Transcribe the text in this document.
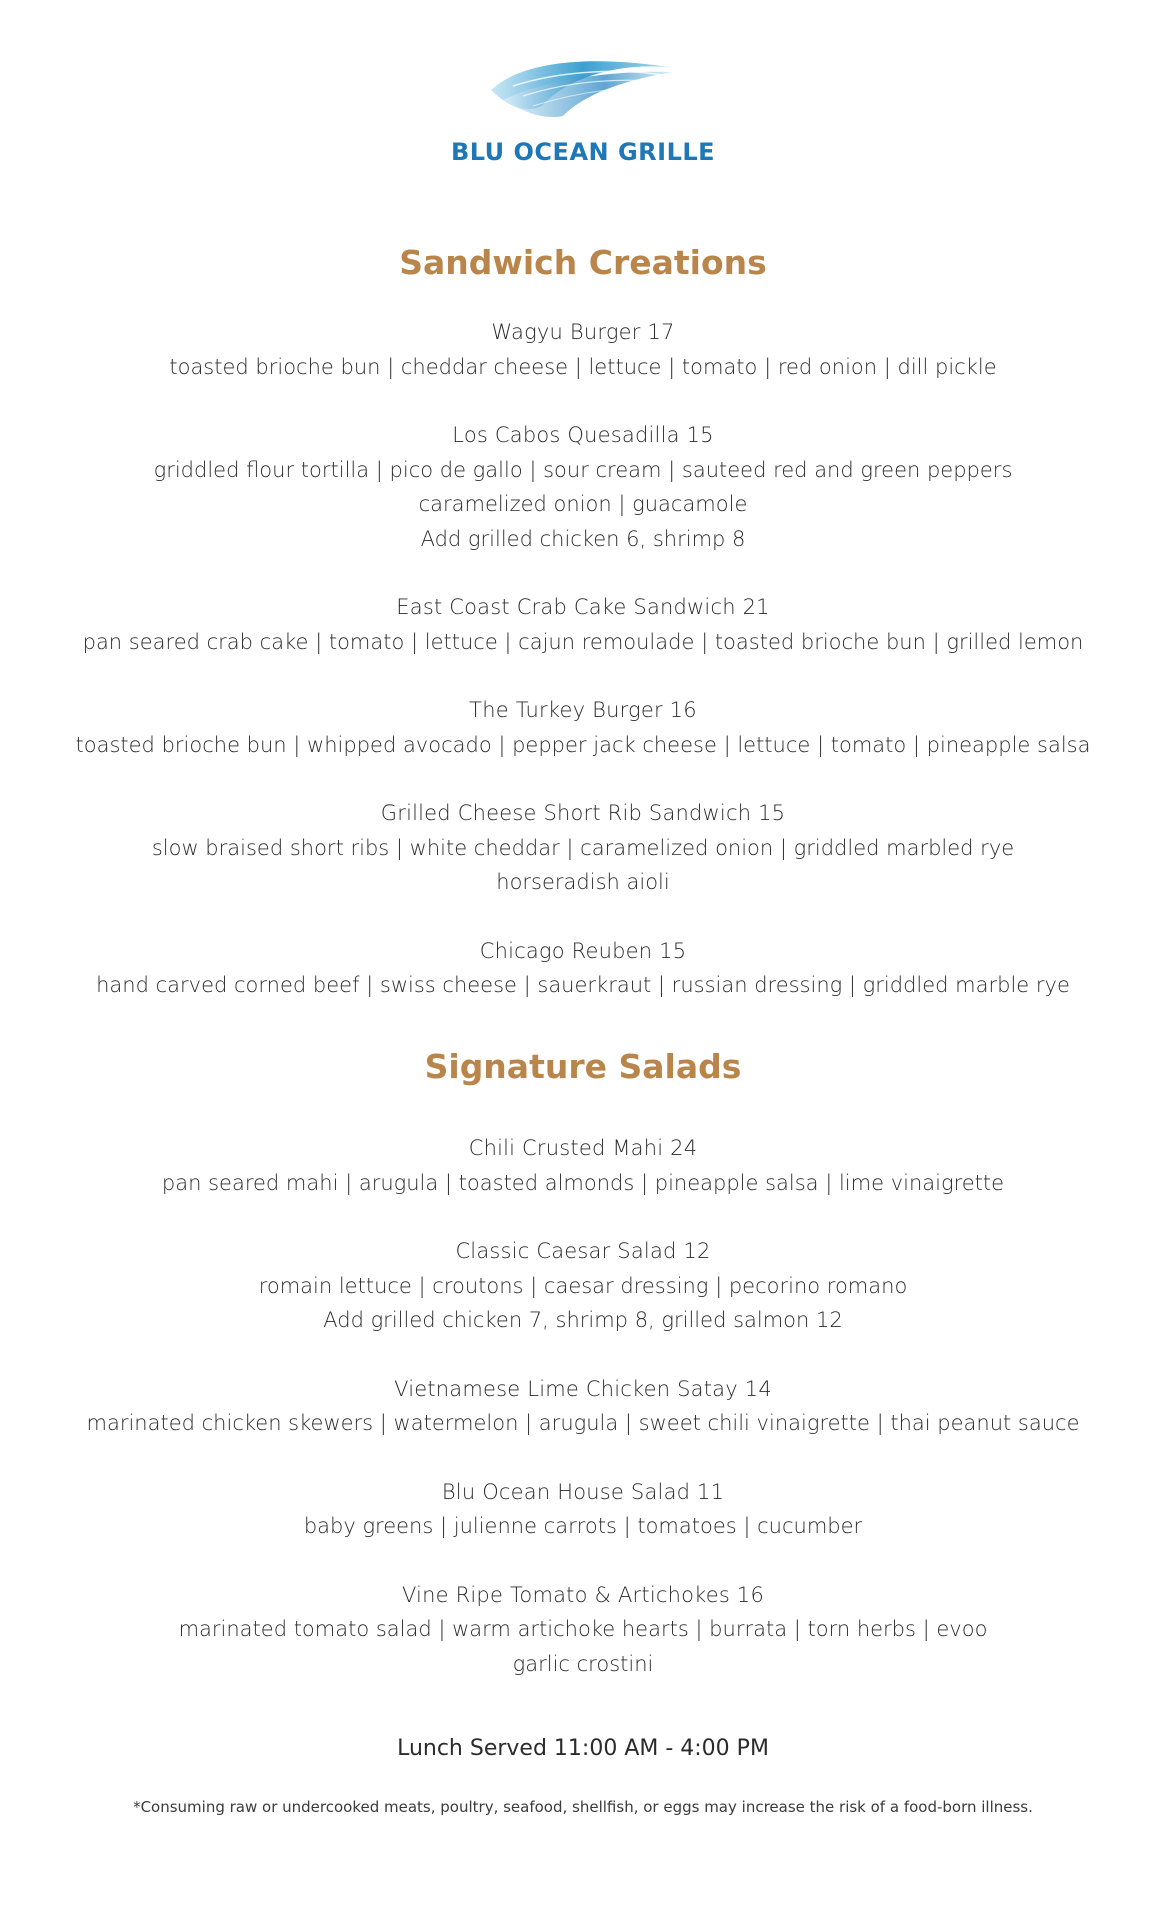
BLU OCEAN GRILLE
Sandwich Creations
Wagyu Burger 17
toasted brioche bun | cheddar cheese | lettuce | tomato | red onion | dill pickle
Los Cabos Quesadilla 15
griddled flour tortilla | pico de gallo | sour cream | sauteed red and green peppers
caramelized onion | guacamole
Add grilled chicken 6, shrimp 8
East Coast Crab Cake Sandwich 21
pan seared crab cake | tomato | lettuce | cajun remoulade | toasted brioche bun | grilled lemon
The Turkey Burger 16
toasted brioche bun | whipped avocado | pepper jack cheese | lettuce | tomato | pineapple salsa
Grilled Cheese Short Rib Sandwich 15
slow braised short ribs | white cheddar | caramelized onion | griddled marbled rye
horseradish aioli
Chicago Reuben 15
hand carved corned beef | swiss cheese | sauerkraut | russian dressing | griddled marble rye
Signature Salads
Chili Crusted Mahi 24
pan seared mahi | arugula | toasted almonds | pineapple salsa | lime vinaigrette
Classic Caesar Salad 12
romain lettuce | croutons | caesar dressing | pecorino romano
Add grilled chicken 7, shrimp 8, grilled salmon 12
Vietnamese Lime Chicken Satay 14
marinated chicken skewers | watermelon | arugula | sweet chili vinaigrette | thai peanut sauce
Blu Ocean House Salad 11
baby greens | julienne carrots | tomatoes | cucumber
Vine Ripe Tomato & Artichokes 16
marinated tomato salad | warm artichoke hearts | burrata | torn herbs | evoo
garlic crostini
Lunch Served 11:00 AM - 4:00 PM
*Consuming raw or undercooked meats, poultry, seafood, shellfish, or eggs may increase the risk of a food-born illness.
